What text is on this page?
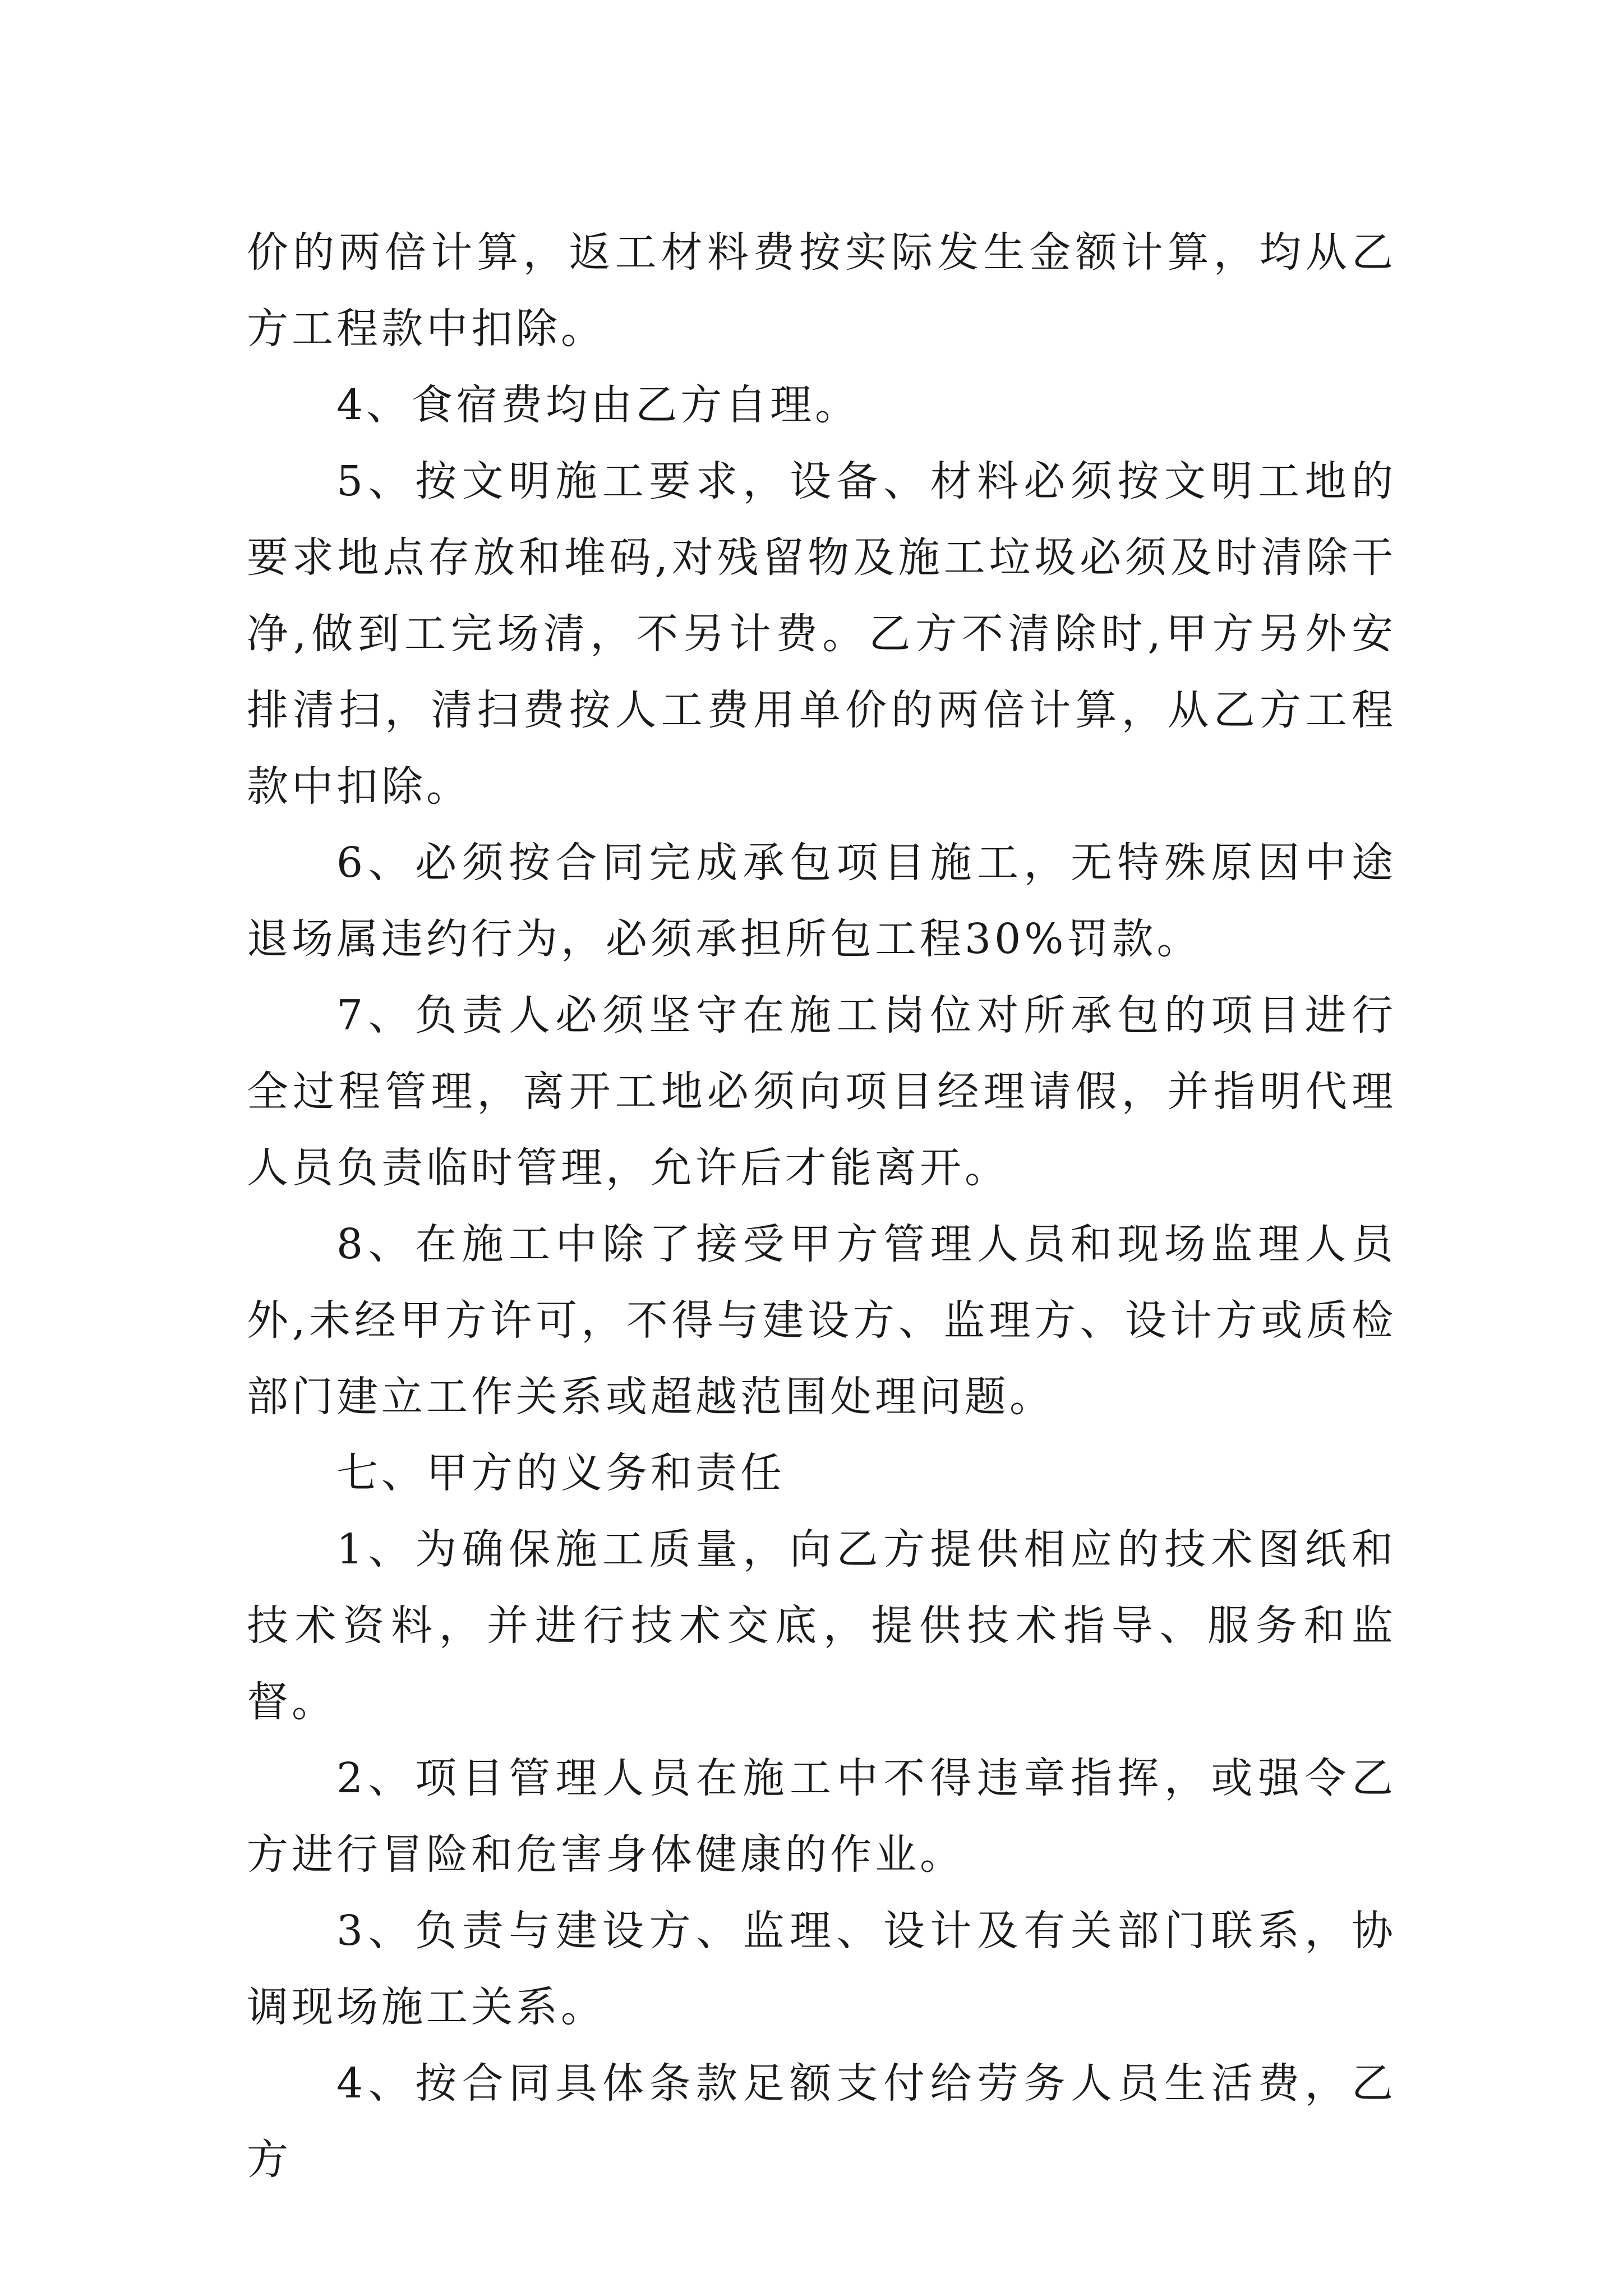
价的两倍计算，返工材料费按实际发生金额计算，均从乙方工程款中扣除。

4、食宿费均由乙方自理。

5、按文明施工要求，设备、材料必须按文明工地的要求地点存放和堆码,对残留物及施工垃圾必须及时清除干净,做到工完场清，不另计费。乙方不清除时,甲方另外安排清扫，清扫费按人工费用单价的两倍计算，从乙方工程款中扣除。

6、必须按合同完成承包项目施工，无特殊原因中途退场属违约行为，必须承担所包工程30%罚款。

7、负责人必须坚守在施工岗位对所承包的项目进行全过程管理，离开工地必须向项目经理请假，并指明代理人员负责临时管理，允许后才能离开。

8、在施工中除了接受甲方管理人员和现场监理人员外,未经甲方许可，不得与建设方、监理方、设计方或质检部门建立工作关系或超越范围处理问题。

七、甲方的义务和责任

1、为确保施工质量，向乙方提供相应的技术图纸和技术资料，并进行技术交底，提供技术指导、服务和监督。

2、项目管理人员在施工中不得违章指挥，或强令乙方进行冒险和危害身体健康的作业。

3、负责与建设方、监理、设计及有关部门联系，协调现场施工关系。

4、按合同具体条款足额支付给劳务人员生活费，乙方
